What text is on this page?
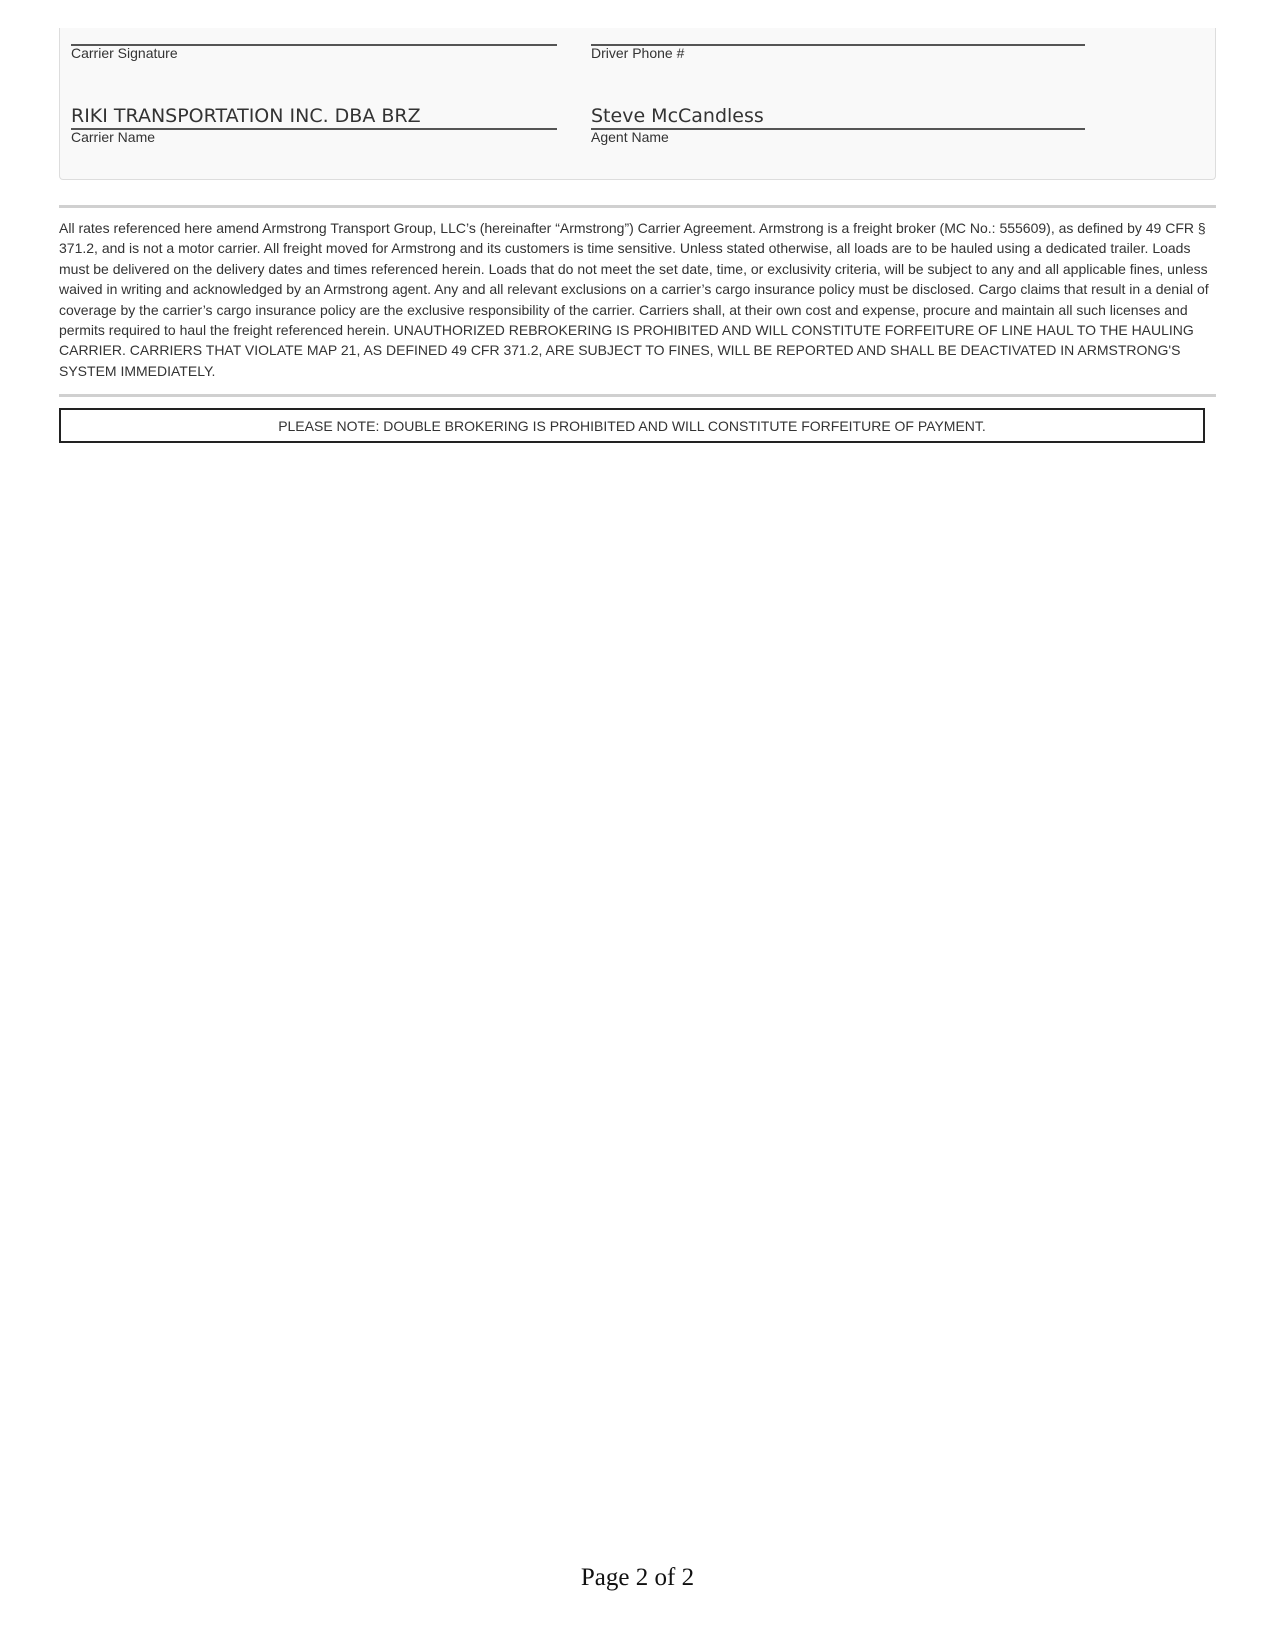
Carrier Signature	Driver Phone #
RIKI TRANSPORTATION INC. DBA BRZ
Carrier Name
Steve McCandless
Agent Name

All rates referenced here amend Armstrong Transport Group, LLC’s (hereinafter “Armstrong”) Carrier Agreement. Armstrong is a freight broker (MC No.: 555609), as defined by 49 CFR § 371.2, and is not a motor carrier. All freight moved for Armstrong and its customers is time sensitive. Unless stated otherwise, all loads are to be hauled using a dedicated trailer. Loads must be delivered on the delivery dates and times referenced herein. Loads that do not meet the set date, time, or exclusivity criteria, will be subject to any and all applicable fines, unless waived in writing and acknowledged by an Armstrong agent. Any and all relevant exclusions on a carrier’s cargo insurance policy must be disclosed. Cargo claims that result in a denial of coverage by the carrier’s cargo insurance policy are the exclusive responsibility of the carrier. Carriers shall, at their own cost and expense, procure and maintain all such licenses and permits required to haul the freight referenced herein. UNAUTHORIZED REBROKERING IS PROHIBITED AND WILL CONSTITUTE FORFEITURE OF LINE HAUL TO THE HAULING CARRIER. CARRIERS THAT VIOLATE MAP 21, AS DEFINED 49 CFR 371.2, ARE SUBJECT TO FINES, WILL BE REPORTED AND SHALL BE DEACTIVATED IN ARMSTRONG'S SYSTEM IMMEDIATELY.

PLEASE NOTE: DOUBLE BROKERING IS PROHIBITED AND WILL CONSTITUTE FORFEITURE OF PAYMENT.
Page 2 of 2
